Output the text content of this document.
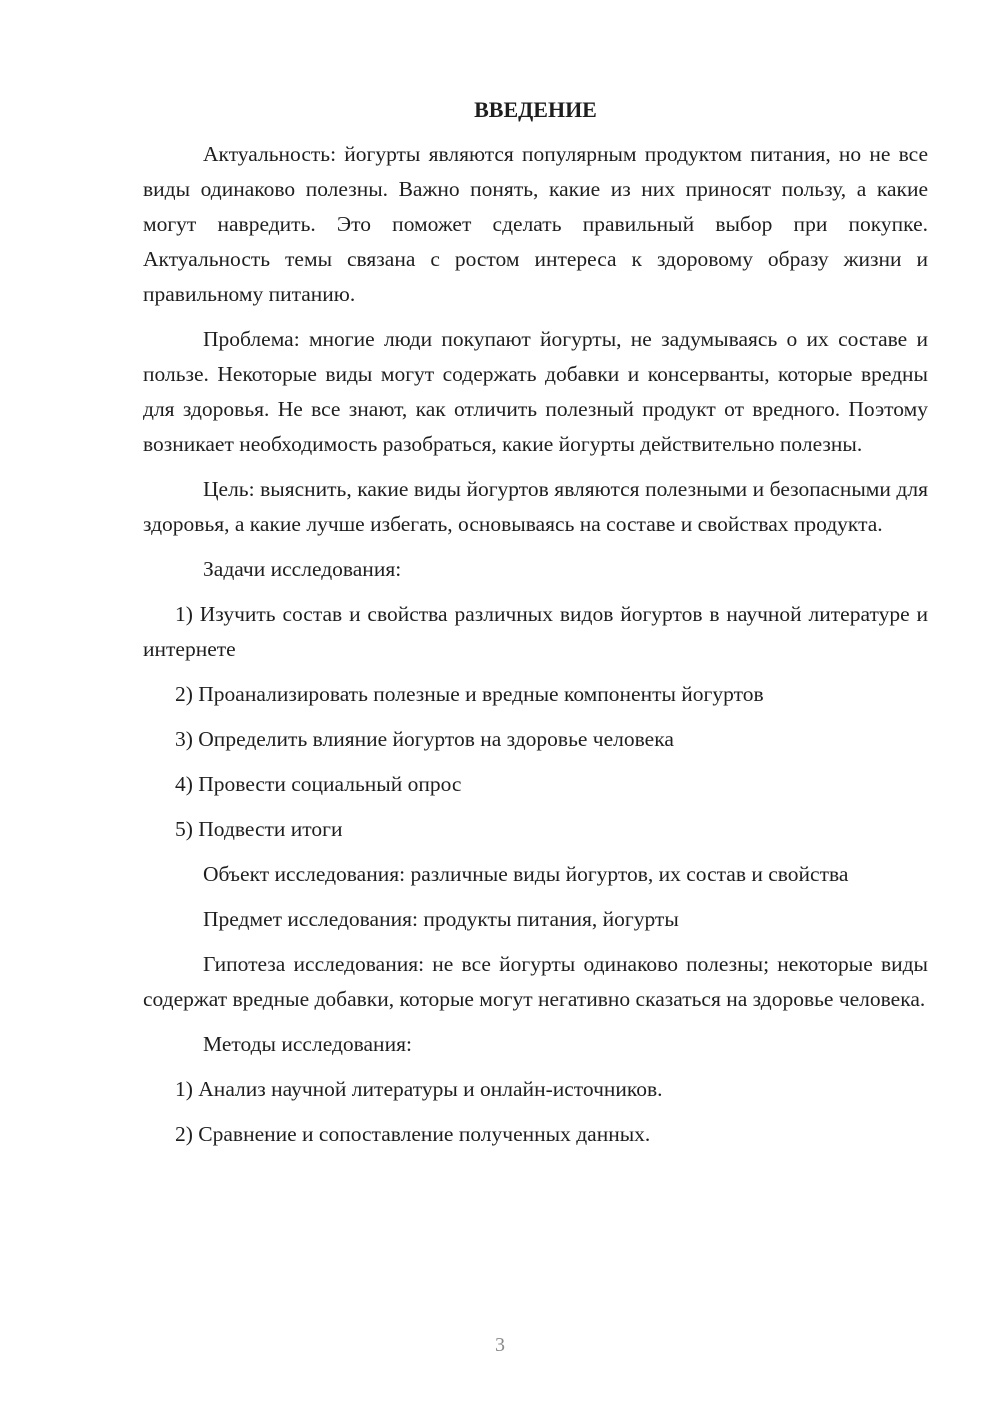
ВВЕДЕНИЕ

Актуальность: йогурты являются популярным продуктом питания, но не все виды одинаково полезны. Важно понять, какие из них приносят пользу, а какие могут навредить. Это поможет сделать правильный выбор при покупке. Актуальность темы связана с ростом интереса к здоровому образу жизни и правильному питанию.

Проблема: многие люди покупают йогурты, не задумываясь о их составе и пользе. Некоторые виды могут содержать добавки и консерванты, которые вредны для здоровья. Не все знают, как отличить полезный продукт от вредного. Поэтому возникает необходимость разобраться, какие йогурты действительно полезны.

Цель: выяснить, какие виды йогуртов являются полезными и безопасными для здоровья, а какие лучше избегать, основываясь на составе и свойствах продукта.

Задачи исследования:

1) Изучить состав и свойства различных видов йогуртов в научной литературе и интернете

2) Проанализировать полезные и вредные компоненты йогуртов

3) Определить влияние йогуртов на здоровье человека

4) Провести социальный опрос

5) Подвести итоги

Объект исследования: различные виды йогуртов, их состав и свойства

Предмет исследования: продукты питания, йогурты

Гипотеза исследования: не все йогурты одинаково полезны; некоторые виды содержат вредные добавки, которые могут негативно сказаться на здоровье человека.

Методы исследования:

1) Анализ научной литературы и онлайн-источников.

2) Сравнение и сопоставление полученных данных.

3
